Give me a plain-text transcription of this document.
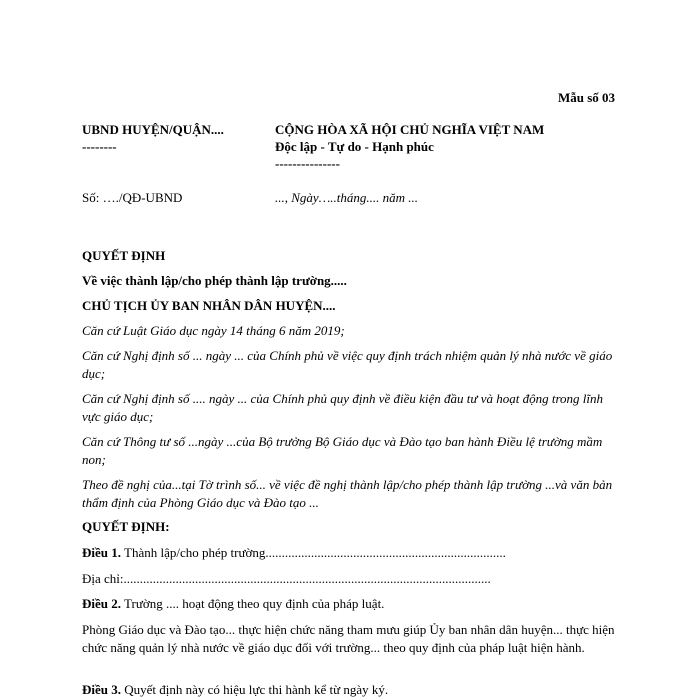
Mẫu số 03
UBND HUYỆN/QUẬN....
--------
CỘNG HÒA XÃ HỘI CHỦ NGHĨA VIỆT NAM
Độc lập - Tự do - Hạnh phúc
---------------
Số: …./QĐ-UBND	..., Ngày…..tháng.... năm ...
QUYẾT ĐỊNH
Về việc thành lập/cho phép thành lập trường.....
CHỦ TỊCH ỦY BAN NHÂN DÂN HUYỆN....
Căn cứ Luật Giáo dục ngày 14 tháng 6 năm 2019;
Căn cứ Nghị định số ... ngày ... của Chính phủ về việc quy định trách nhiệm quản lý nhà nước về giáo dục;
Căn cứ Nghị định số .... ngày ... của Chính phủ quy định về điều kiện đầu tư và hoạt động trong lĩnh vực giáo dục;
Căn cứ Thông tư số ...ngày ...của Bộ trưởng Bộ Giáo dục và Đào tạo ban hành Điều lệ trường mầm non;
Theo đề nghị của...tại Tờ trình số... về việc đề nghị thành lập/cho phép thành lập trường ...và văn bản thẩm định của Phòng Giáo dục và Đào tạo ...
QUYẾT ĐỊNH:
Điều 1. Thành lập/cho phép trường..........................................................................
Địa chỉ:.................................................................................................................
Điều 2. Trường .... hoạt động theo quy định của pháp luật.
Phòng Giáo dục và Đào tạo... thực hiện chức năng tham mưu giúp Ủy ban nhân dân huyện... thực hiện chức năng quản lý nhà nước về giáo dục đối với trường... theo quy định của pháp luật hiện hành.
Điều 3. Quyết định này có hiệu lực thi hành kể từ ngày ký.
